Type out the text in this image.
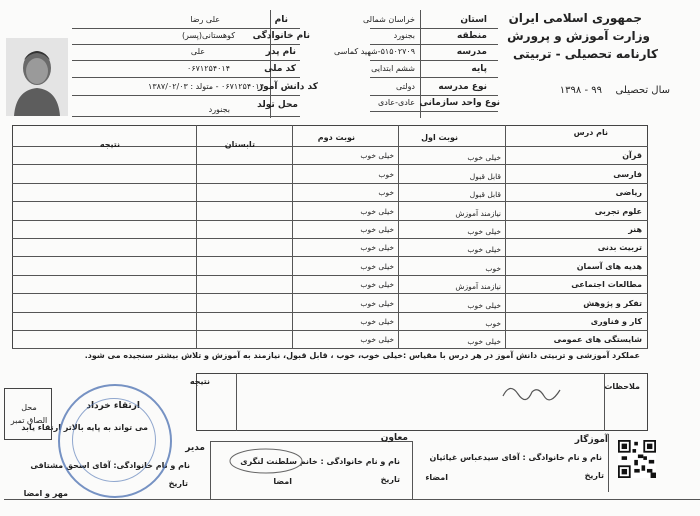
جمهوری اسلامی ایران
وزارت آموزش و پرورش
کارنامه تحصیلی - تربیتی
سال تحصیلی
۹۹ - ۱۳۹۸
استان
خراسان شمالی
منطقه
بجنورد
مدرسه
۵۱۵۰۲۷۰۹-شهید کماسی
پایه
ششم ابتدایی
نوع مدرسه
دولتی
نوع واحد سازمانی
عادی-عادی
نام
علی رضا
نام خانوادگی
کوهستانی(پسر)
نام پدر
علی
کد ملی
۰۶۷۱۲۵۴۰۱۴
کد دانش آموز
۰۶۷۱۲۵۴۰۱۴ - متولد : ۱۳۸۷/۰۲/۰۳
محل تولد
بجنورد
نام درس
نوبت اول
نوبت دوم
تابستان
نتیجه
قرآن
خیلی خوب
خیلی خوب
فارسی
قابل قبول
خوب
ریاضی
قابل قبول
خوب
علوم تجربی
نیازمند آموزش
خیلی خوب
هنر
خیلی خوب
خیلی خوب
تربیت بدنی
خیلی خوب
خیلی خوب
هدیه های آسمان
خوب
خیلی خوب
مطالعات اجتماعی
نیازمند آموزش
خیلی خوب
تفکر و پژوهش
خیلی خوب
خیلی خوب
کار و فناوری
خوب
خیلی خوب
شایستگی های عمومی
خیلی خوب
خیلی خوب
عملکرد آموزشی و تربیتی دانش آموز در هر درس با مقیاس :خیلی خوب، خوب ، قابل قبول، نیازمند به آموزش و تلاش بیشتر سنجیده می شود.
ملاحظات
نتیجه
ارتقاء خرداد
می تواند به پایه بالاتر ارتقاء یابد
محل الصاق تمبر
آموزگار
نام و نام خانوادگی : آقای سیدعباس غیاثیان
تاریخ
امضاء
معاون
نام و نام خانوادگی : خانم سلطنت لنگری
تاریخ
امضا
مدیر
نام و نام خانوادگی: آقای اسحق مشتاقی
تاریخ
مهر و امضا
